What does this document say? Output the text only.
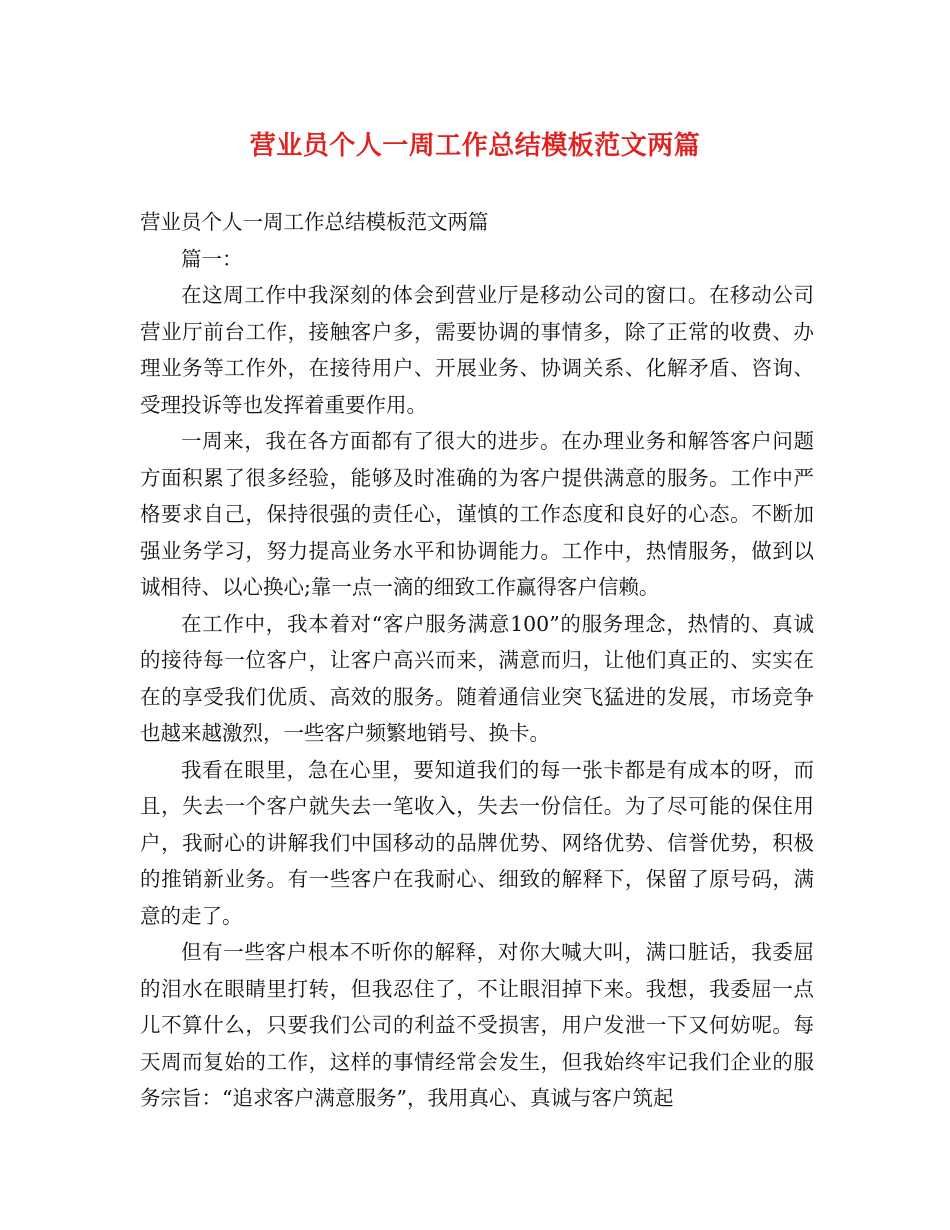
营业员个人一周工作总结模板范文两篇

营业员个人一周工作总结模板范文两篇

篇一：

在这周工作中我深刻的体会到营业厅是移动公司的窗口。在移动公司营业厅前台工作，接触客户多，需要协调的事情多，除了正常的收费、办理业务等工作外，在接待用户、开展业务、协调关系、化解矛盾、咨询、受理投诉等也发挥着重要作用。

一周来，我在各方面都有了很大的进步。在办理业务和解答客户问题方面积累了很多经验，能够及时准确的为客户提供满意的服务。工作中严格要求自己，保持很强的责任心，谨慎的工作态度和良好的心态。不断加强业务学习，努力提高业务水平和协调能力。工作中，热情服务，做到以诚相待、以心换心;靠一点一滴的细致工作赢得客户信赖。

在工作中，我本着对“客户服务满意100”的服务理念，热情的、真诚的接待每一位客户，让客户高兴而来，满意而归，让他们真正的、实实在在的享受我们优质、高效的服务。随着通信业突飞猛进的发展，市场竞争也越来越激烈，一些客户频繁地销号、换卡。

我看在眼里，急在心里，要知道我们的每一张卡都是有成本的呀，而且，失去一个客户就失去一笔收入，失去一份信任。为了尽可能的保住用户，我耐心的讲解我们中国移动的品牌优势、网络优势、信誉优势，积极的推销新业务。有一些客户在我耐心、细致的解释下，保留了原号码，满意的走了。

但有一些客户根本不听你的解释，对你大喊大叫，满口脏话，我委屈的泪水在眼睛里打转，但我忍住了，不让眼泪掉下来。我想，我委屈一点儿不算什么，只要我们公司的利益不受损害，用户发泄一下又何妨呢。每天周而复始的工作，这样的事情经常会发生，但我始终牢记我们企业的服务宗旨：“追求客户满意服务”，我用真心、真诚与客户筑起
